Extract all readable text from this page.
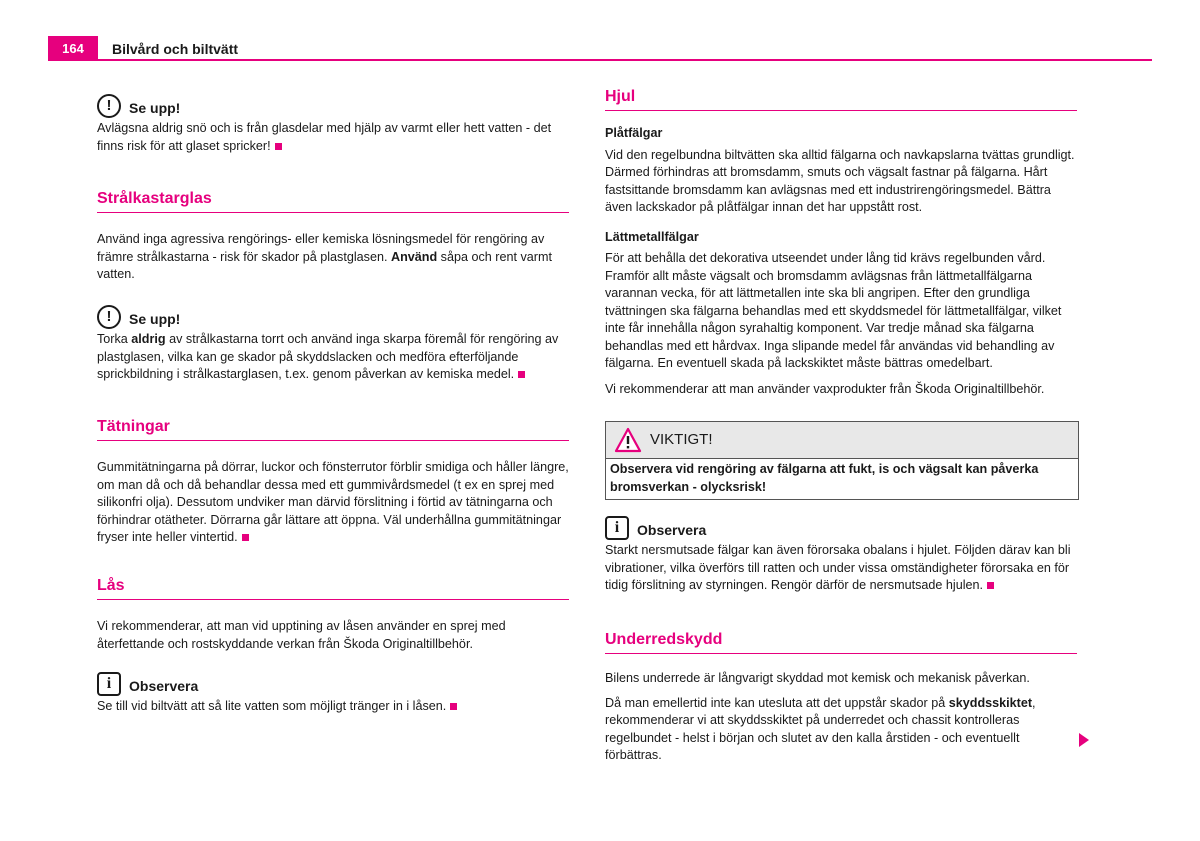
164	Bilvård och biltvätt
!	Se upp!

Avlägsna aldrig snö och is från glasdelar med hjälp av varmt eller hett vatten - det finns risk för att glaset spricker!

Strålkastarglas

Använd inga agressiva rengörings- eller kemiska lösningsmedel för rengöring av främre strålkastarna - risk för skador på plastglasen. Använd såpa och rent varmt vatten.

!	Se upp!

Torka aldrig av strålkastarna torrt och använd inga skarpa föremål för rengöring av plastglasen, vilka kan ge skador på skyddslacken och medföra efterföljande sprickbildning i strålkastarglasen, t.ex. genom påverkan av kemiska medel.

Tätningar

Gummitätningarna på dörrar, luckor och fönsterrutor förblir smidiga och håller längre, om man då och då behandlar dessa med ett gummivårdsmedel (t ex en sprej med silikonfri olja). Dessutom undviker man därvid förslitning i förtid av tätningarna och förhindrar otätheter. Dörrarna går lättare att öppna. Väl underhållna gummitätningar fryser inte heller vintertid.

Lås

Vi rekommenderar, att man vid upptining av låsen använder en sprej med återfettande och rostskyddande verkan från Škoda Originaltillbehör.

i	Observera

Se till vid biltvätt att så lite vatten som möjligt tränger in i låsen.

Hjul

Plåtfälgar

Vid den regelbundna biltvätten ska alltid fälgarna och navkapslarna tvättas grundligt. Därmed förhindras att bromsdamm, smuts och vägsalt fastnar på fälgarna. Hårt fastsittande bromsdamm kan avlägsnas med ett industrirengöringsmedel. Bättra även lackskador på plåtfälgar innan det har uppstått rost.

Lättmetallfälgar

För att behålla det dekorativa utseendet under lång tid krävs regelbunden vård. Framför allt måste vägsalt och bromsdamm avlägsnas från lättmetallfälgarna varannan vecka, för att lättmetallen inte ska bli angripen. Efter den grundliga tvättningen ska fälgarna behandlas med ett skyddsmedel för lättmetallfälgar, vilket inte får innehålla någon syrahaltig komponent. Var tredje månad ska fälgarna behandlas med ett hårdvax. Inga slipande medel får användas vid behandling av fälgarna. En eventuell skada på lackskiktet måste bättras omedelbart.

Vi rekommenderar att man använder vaxprodukter från Škoda Originaltillbehör.

VIKTIGT!
Observera vid rengöring av fälgarna att fukt, is och vägsalt kan påverka bromsverkan - olycksrisk!
i	Observera

Starkt nersmutsade fälgar kan även förorsaka obalans i hjulet. Följden därav kan bli vibrationer, vilka överförs till ratten och under vissa omständigheter förorsaka en för tidig förslitning av styrningen. Rengör därför de nersmutsade hjulen.

Underredskydd

Bilens underrede är långvarigt skyddad mot kemisk och mekanisk påverkan.

Då man emellertid inte kan utesluta att det uppstår skador på skyddsskiktet, rekommenderar vi att skyddsskiktet på underredet och chassit kontrolleras regelbundet - helst i början och slutet av den kalla årstiden - och eventuellt förbättras.
